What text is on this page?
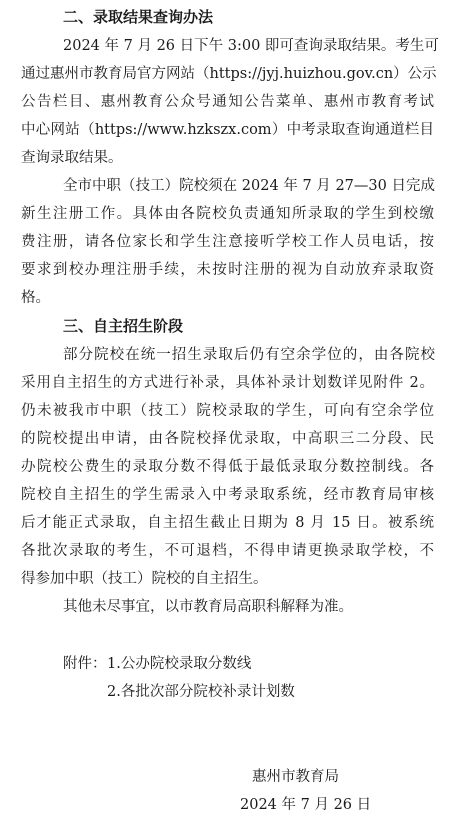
二、录取结果查询办法
2024 年 7 月 26 日下午 3:00 即可查询录取结果。考生可
通过惠州市教育局官方网站（https://jyj.huizhou.gov.cn）公示
公告栏目、惠州教育公众号通知公告菜单、惠州市教育考试
中心网站（https://www.hzkszx.com）中考录取查询通道栏目
查询录取结果。
全市中职（技工）院校须在 2024 年 7 月 27—30 日完成
新生注册工作。具体由各院校负责通知所录取的学生到校缴
费注册，请各位家长和学生注意接听学校工作人员电话，按
要求到校办理注册手续，未按时注册的视为自动放弃录取资
格。
三、自主招生阶段
部分院校在统一招生录取后仍有空余学位的，由各院校
采用自主招生的方式进行补录，具体补录计划数详见附件 2。
仍未被我市中职（技工）院校录取的学生，可向有空余学位
的院校提出申请，由各院校择优录取，中高职三二分段、民
办院校公费生的录取分数不得低于最低录取分数控制线。各
院校自主招生的学生需录入中考录取系统，经市教育局审核
后才能正式录取，自主招生截止日期为 8 月 15 日。被系统
各批次录取的考生，不可退档，不得申请更换录取学校，不
得参加中职（技工）院校的自主招生。
其他未尽事宜，以市教育局高职科解释为准。
附件： 1.公办院校录取分数线
2.各批次部分院校补录计划数
惠州市教育局
2024 年 7 月 26 日
